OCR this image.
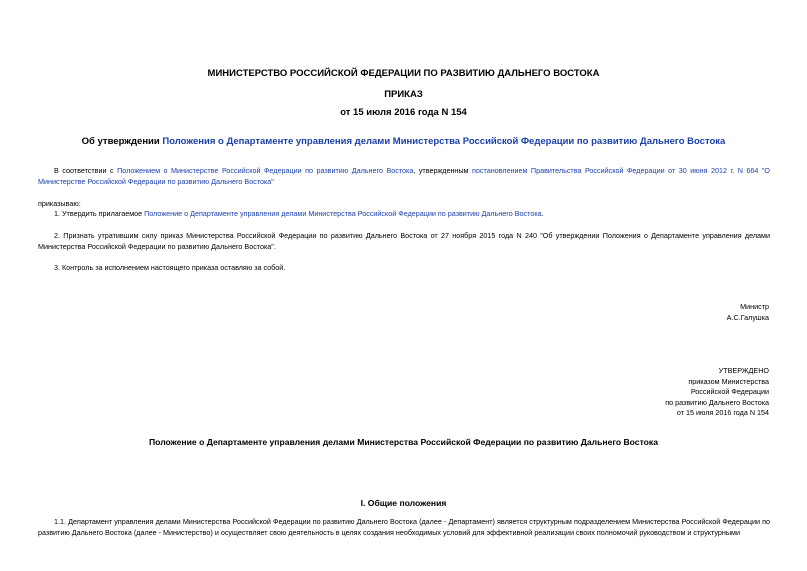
МИНИСТЕРСТВО РОССИЙСКОЙ ФЕДЕРАЦИИ ПО РАЗВИТИЮ ДАЛЬНЕГО ВОСТОКА
ПРИКАЗ
от 15 июля 2016 года N 154
Об утверждении Положения о Департаменте управления делами Министерства Российской Федерации по развитию Дальнего Востока
В соответствии с Положением о Министерстве Российской Федерации по развитию Дальнего Востока, утвержденным постановлением Правительства Российской Федерации от 30 июня 2012 г. N 664 "О Министерстве Российской Федерации по развитию Дальнего Востока"
приказываю:
1. Утвердить прилагаемое Положение о Департаменте управления делами Министерства Российской Федерации по развитию Дальнего Востока.
2. Признать утратившим силу приказ Министерства Российской Федерации по развитию Дальнего Востока от 27 ноября 2015 года N 240 "Об утверждении Положения о Департаменте управления делами Министерства Российской Федерации по развитию Дальнего Востока".
3. Контроль за исполнением настоящего приказа оставляю за собой.
Министр
А.С.Галушка
УТВЕРЖДЕНО
приказом Министерства
Российской Федерации
по развитию Дальнего Востока
от 15 июля 2016 года N 154
Положение о Департаменте управления делами Министерства Российской Федерации по развитию Дальнего Востока
I. Общие положения
1.1. Департамент управления делами Министерства Российской Федерации по развитию Дальнего Востока (далее - Департамент) является структурным подразделением Министерства Российской Федерации по развитию Дальнего Востока (далее - Министерство) и осуществляет свою деятельность в целях создания необходимых условий для эффективной реализации своих полномочий руководством и структурными
